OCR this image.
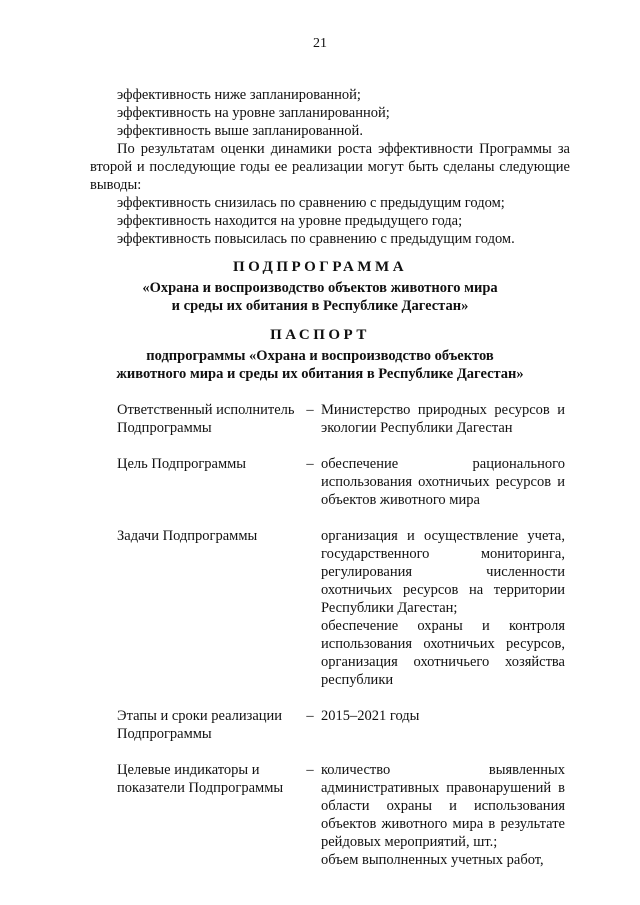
21

эффективность ниже запланированной;

эффективность на уровне запланированной;

эффективность выше запланированной.

По результатам оценки динамики роста эффективности Программы за второй и последующие годы ее реализации могут быть сделаны следующие выводы:

эффективность снизилась по сравнению с предыдущим годом;

эффективность находится на уровне предыдущего года;

эффективность повысилась по сравнению с предыдущим годом.

ПОДПРОГРАММА
«Охрана и воспроизводство объектов животного мира
и среды их обитания в Республике Дагестан»
ПАСПОРТ
подпрограммы «Охрана и воспроизводство объектов
животного мира и среды их обитания в Республике Дагестан»
Ответственный исполнитель Подпрограммы	–	Министерство природных ресурсов и экологии Республики Дагестан
Цель Подпрограммы	–	обеспечение рационального использования охотничьих ресурсов и объектов животного мира
Задачи Подпрограммы		организация и осуществление учета, государственного мониторинга, регулирования численности охотничьих ресурсов на территории Республики Дагестан;
обеспечение охраны и контроля использования охотничьих ресурсов, организация охотничьего хозяйства республики

Этапы и сроки реализации Подпрограммы	–	2015–2021 годы
Целевые индикаторы и показатели Подпрограммы	–	количество выявленных административных правонарушений в области охраны и использования объектов животного мира в результате рейдовых мероприятий, шт.;
объем выполненных учетных работ,
